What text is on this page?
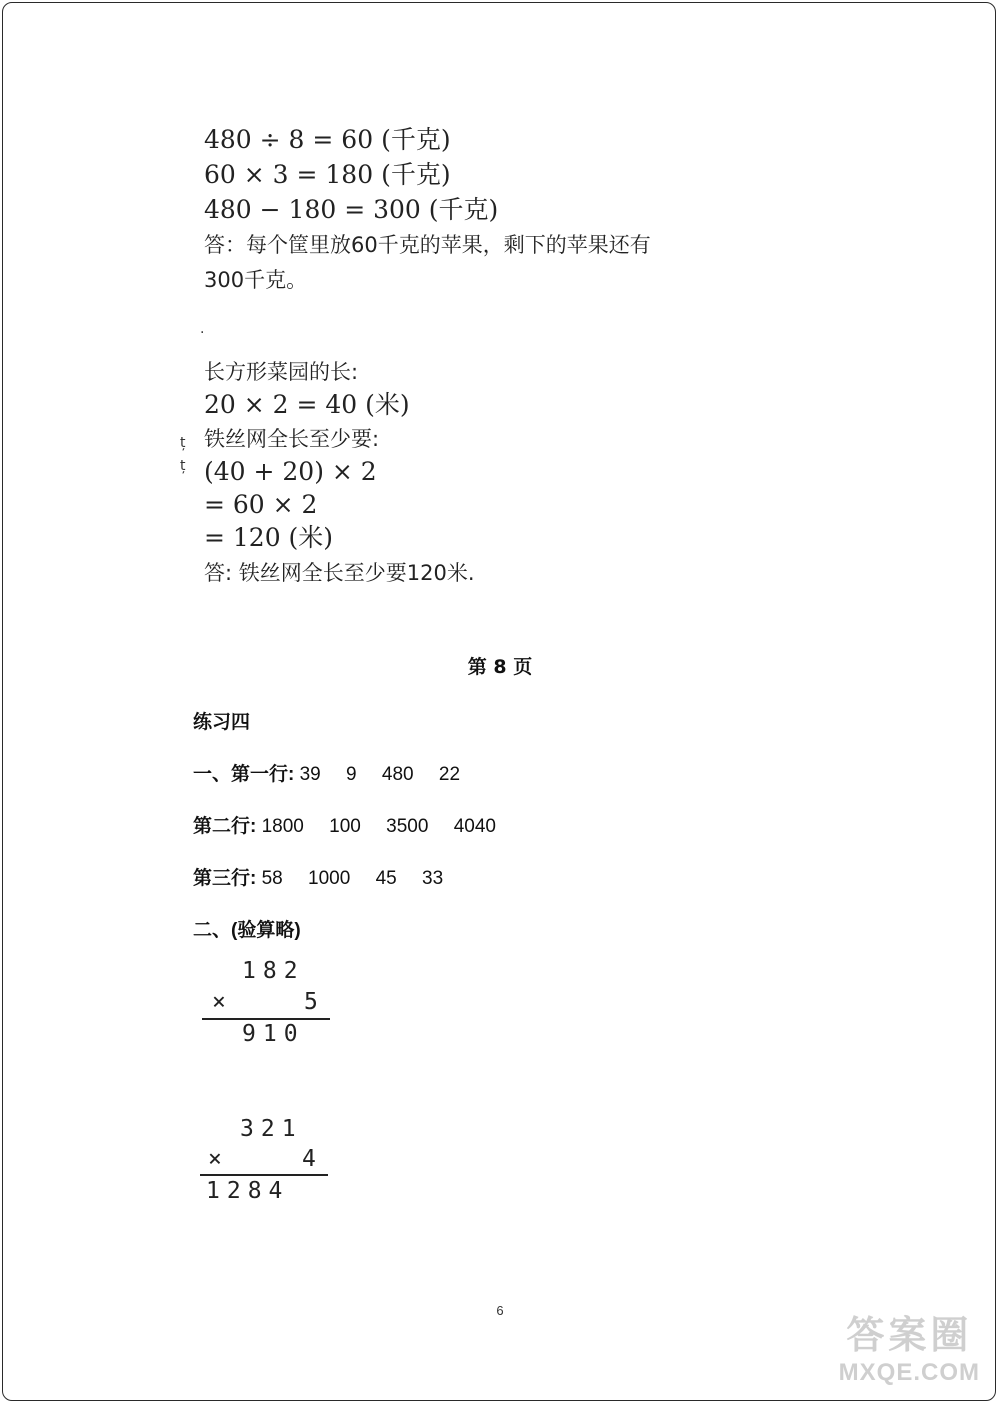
480 ÷ 8 = 60 (千克)
60 × 3 = 180 (千克)
480 − 180 = 300 (千克)
答：每个筐里放60千克的苹果，剩下的苹果还有
300千克。
·
ț
ț
长方形菜园的长:
20 × 2 = 40 (米)
铁丝网全长至少要:
(40 + 20) × 2
= 60 × 2
= 120 (米)
答: 铁丝网全长至少要120米.
第 8 页
练习四
一、第一行: 39 9 480 22
第二行: 1800 100 3500 4040
第三行: 58 1000 45 33
二、(验算略)
182
×	5
910
321
×	4
1284
6
答案圈
MXQE.COM
